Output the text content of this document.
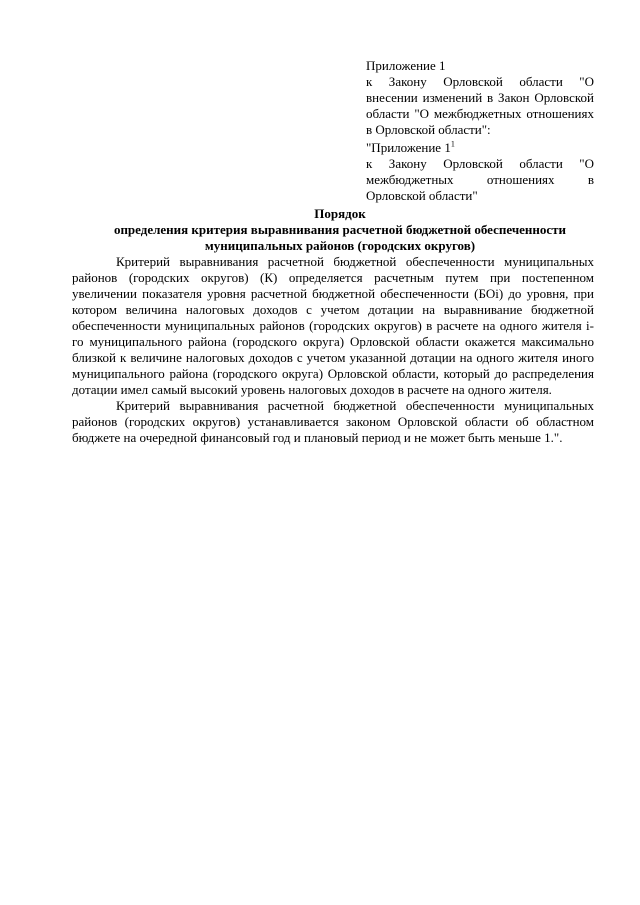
Приложение 1
к Закону Орловской области "О внесении изменений в Закон Орловской области "О межбюджетных отношениях в Орловской области":
"Приложение $1^1$
к Закону Орловской области "О межбюджетных отношениях в Орловской области"
Порядок
определения критерия выравнивания расчетной бюджетной обеспеченности
муниципальных районов (городских округов)

Критерий выравнивания расчетной бюджетной обеспеченности муниципальных районов (городских округов) (К) определяется расчетным путем при постепенном увеличении показателя уровня расчетной бюджетной обеспеченности (БОi) до уровня, при котором величина налоговых доходов с учетом дотации на выравнивание бюджетной обеспеченности муниципальных районов (городских округов) в расчете на одного жителя i-го муниципального района (городского округа) Орловской области окажется максимально близкой к величине налоговых доходов с учетом указанной дотации на одного жителя иного муниципального района (городского округа) Орловской области, который до распределения дотации имел самый высокий уровень налоговых доходов в расчете на одного жителя.

Критерий выравнивания расчетной бюджетной обеспеченности муниципальных районов (городских округов) устанавливается законом Орловской области об областном бюджете на очередной финансовый год и плановый период и не может быть меньше 1.".
